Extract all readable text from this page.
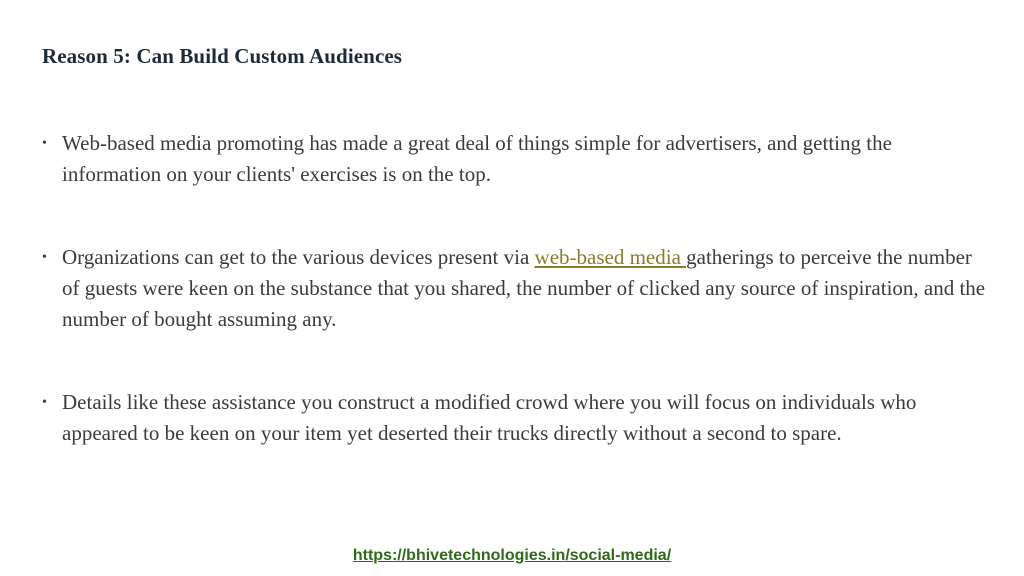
Reason 5: Can Build Custom Audiences
• Web-based media promoting has made a great deal of things simple for advertisers, and getting the information on your clients' exercises is on the top.
• Organizations can get to the various devices present via web-based media gatherings to perceive the number of guests were keen on the substance that you shared, the number of clicked any source of inspiration, and the number of bought assuming any.
• Details like these assistance you construct a modified crowd where you will focus on individuals who appeared to be keen on your item yet deserted their trucks directly without a second to spare.
https://bhivetechnologies.in/social-media/
